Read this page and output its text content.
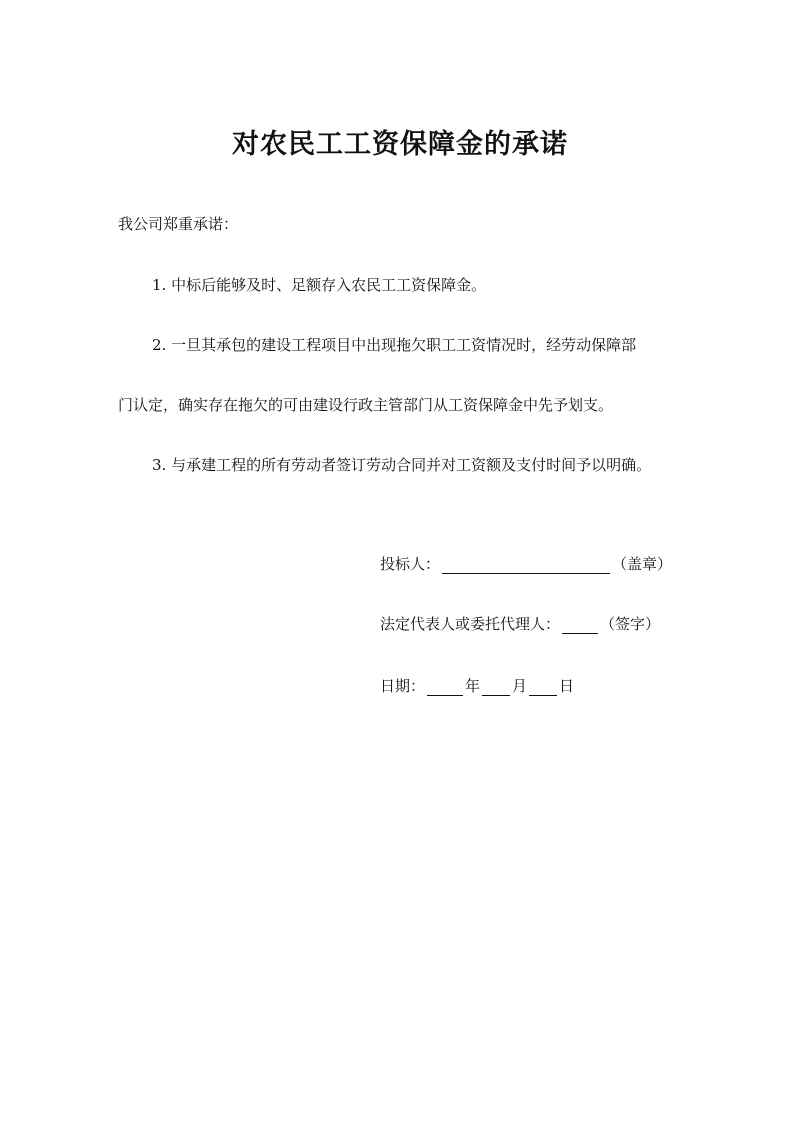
对农民工工资保障金的承诺
我公司郑重承诺：
1. 中标后能够及时、足额存入农民工工资保障金。
2. 一旦其承包的建设工程项目中出现拖欠职工工资情况时，经劳动保障部
门认定，确实存在拖欠的可由建设行政主管部门从工资保障金中先予划支。
3. 与承建工程的所有劳动者签订劳动合同并对工资额及支付时间予以明确。
投标人：	（盖章）
法定代表人或委托代理人：	（签字）
日期：	年 月 日
